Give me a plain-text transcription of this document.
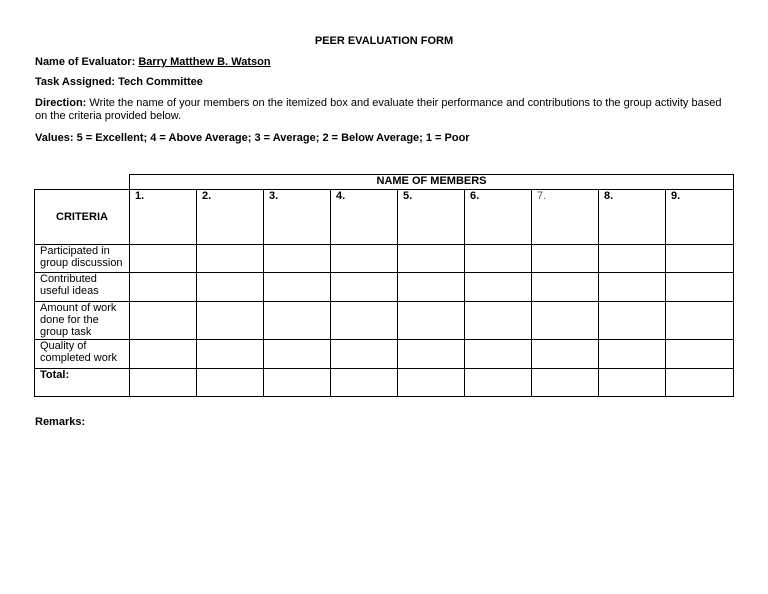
PEER EVALUATION FORM
Name of Evaluator: Barry Matthew B. Watson
Task Assigned: Tech Committee
Direction: Write the name of your members on the itemized box and evaluate their performance and contributions to the group activity based on the criteria provided below.
Values: 5 = Excellent; 4 = Above Average; 3 = Average; 2 = Below Average; 1 = Poor
	NAME OF MEMBERS								
CRITERIA	1.	2.	3.	4.	5.	6.	7.	8.	9.
Participated in group discussion									
Contributed useful ideas									
Amount of work done for the group task									
Quality of completed work									
Total:									
Remarks:
